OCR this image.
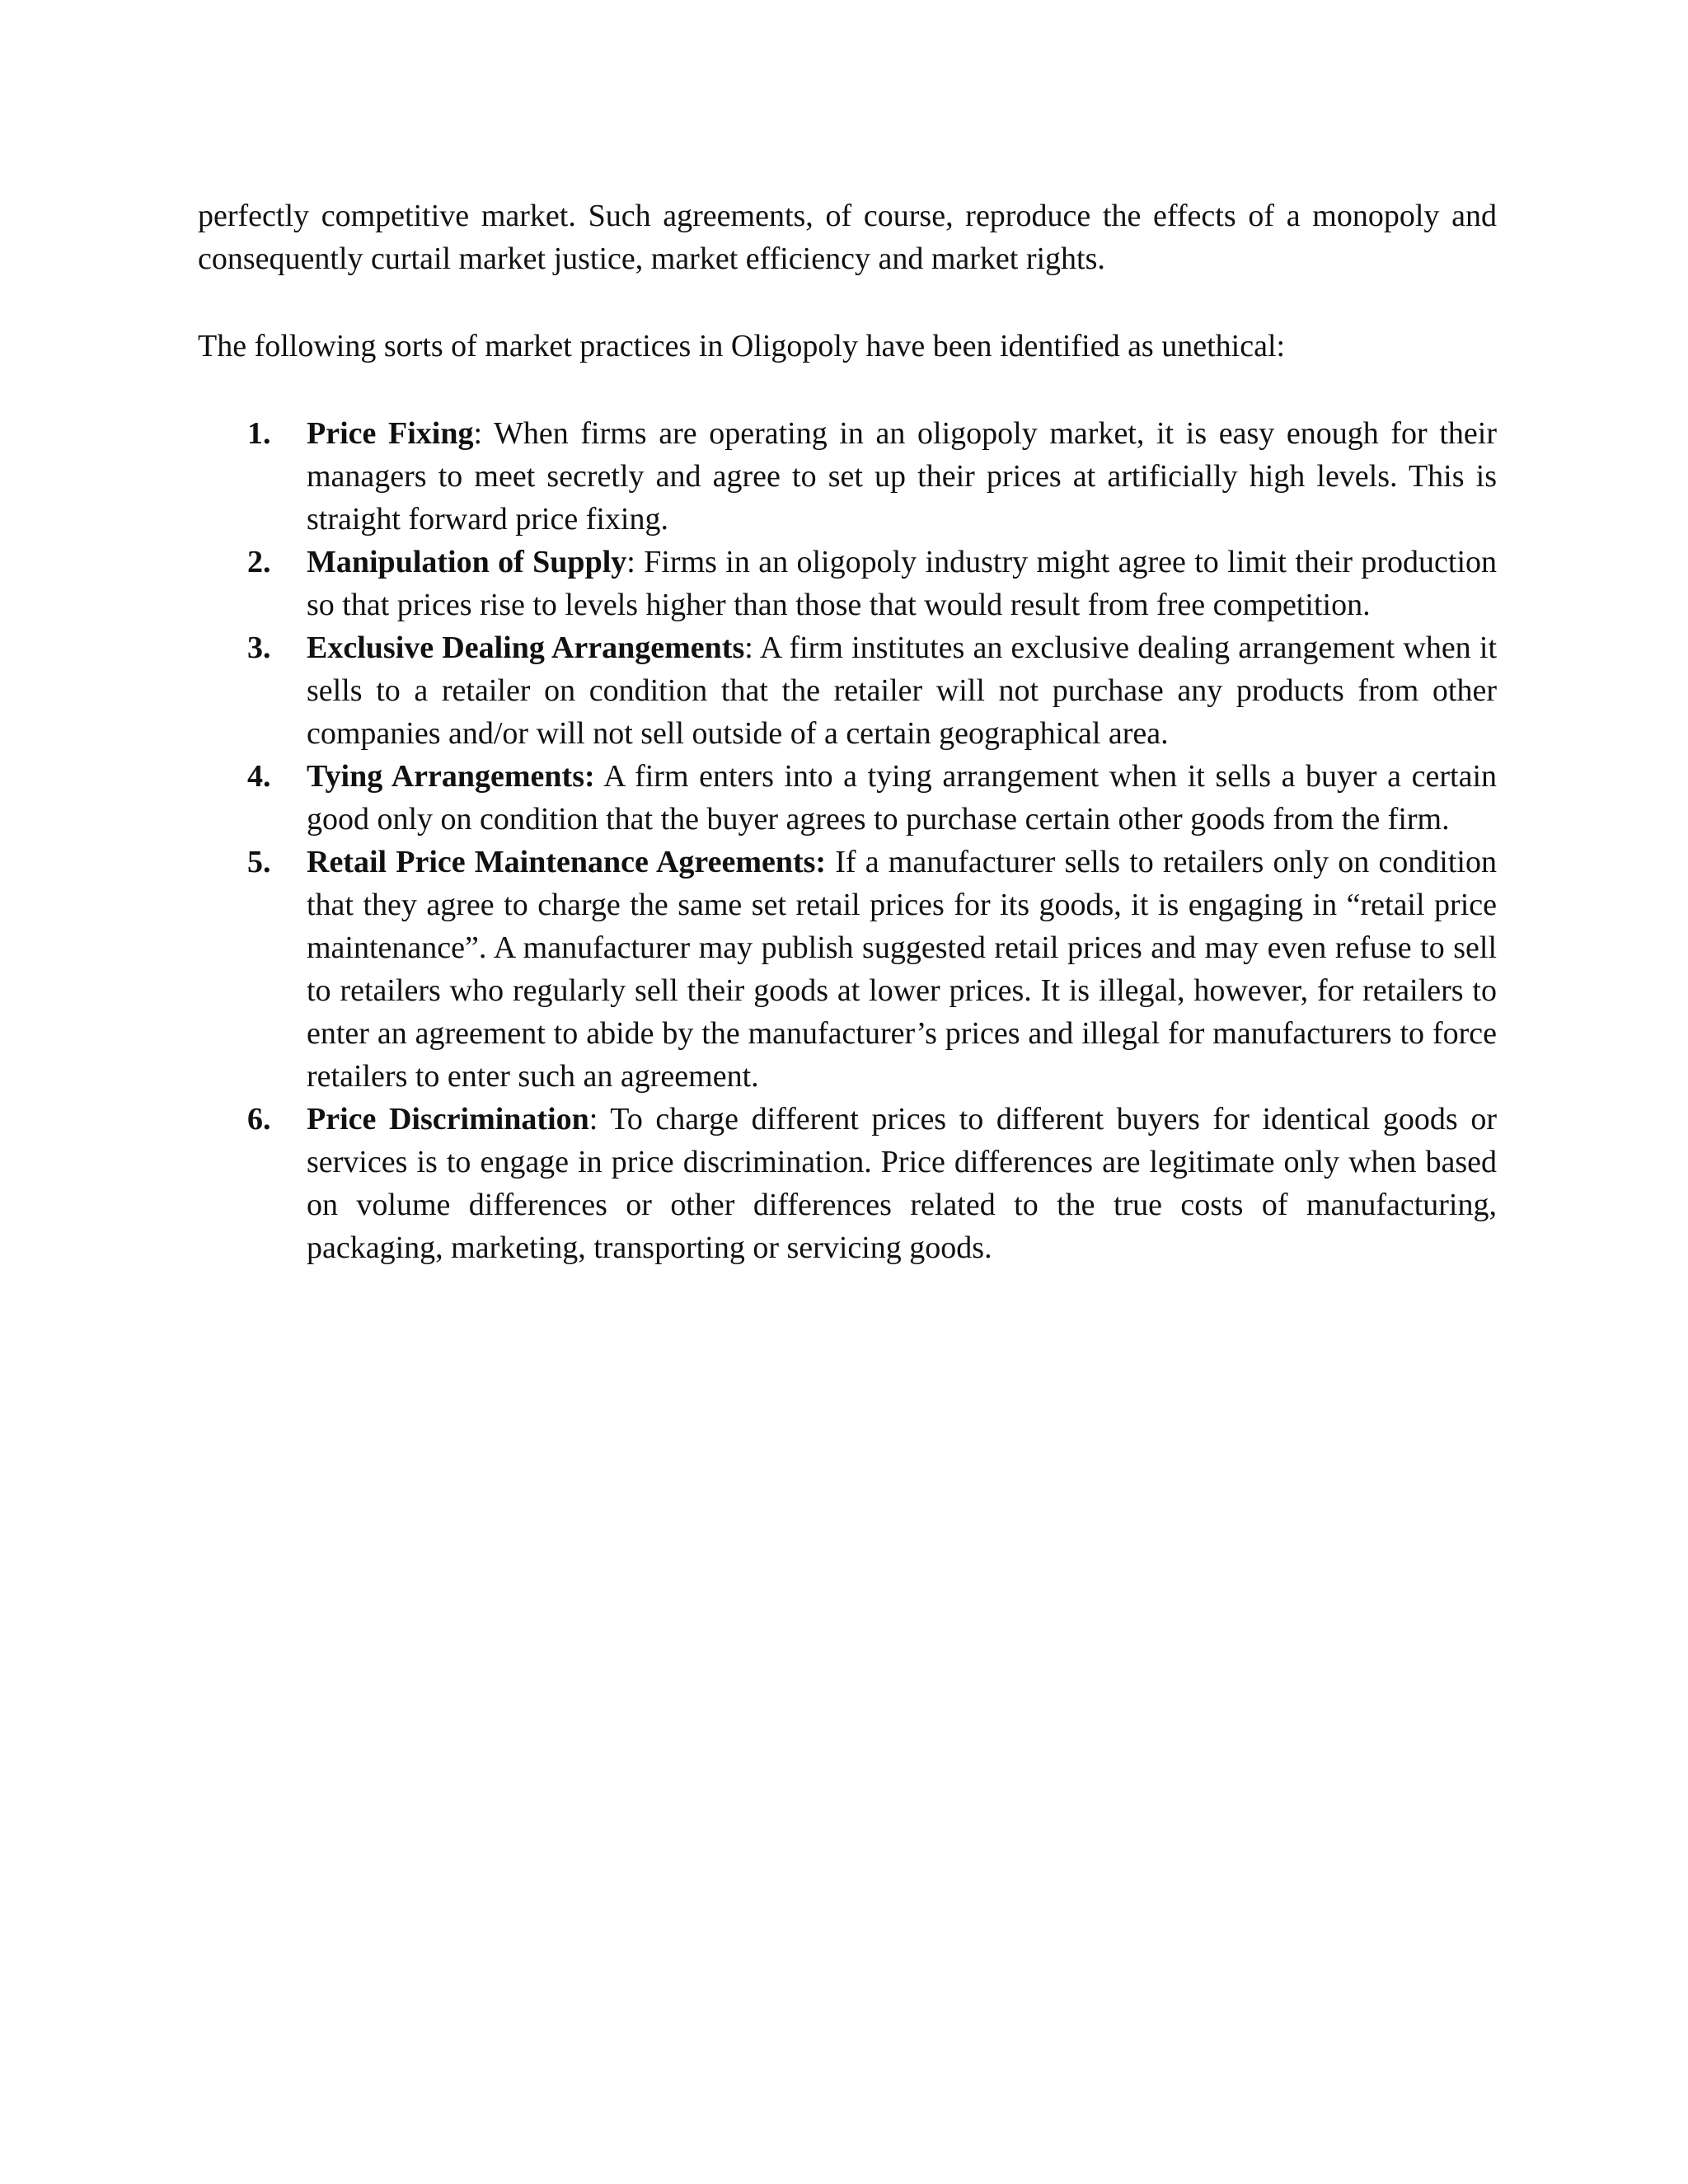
perfectly competitive market. Such agreements, of course, reproduce the effects of a monopoly and consequently curtail market justice, market efficiency and market rights.

The following sorts of market practices in Oligopoly have been identified as unethical:

1. Price Fixing: When firms are operating in an oligopoly market, it is easy enough for their managers to meet secretly and agree to set up their prices at artificially high levels. This is straight forward price fixing.
2. Manipulation of Supply: Firms in an oligopoly industry might agree to limit their production so that prices rise to levels higher than those that would result from free competition.
3. Exclusive Dealing Arrangements: A firm institutes an exclusive dealing arrangement when it sells to a retailer on condition that the retailer will not purchase any products from other companies and/or will not sell outside of a certain geographical area.
4. Tying Arrangements: A firm enters into a tying arrangement when it sells a buyer a certain good only on condition that the buyer agrees to purchase certain other goods from the firm.
5. Retail Price Maintenance Agreements: If a manufacturer sells to retailers only on condition that they agree to charge the same set retail prices for its goods, it is engaging in “retail price maintenance”. A manufacturer may publish suggested retail prices and may even refuse to sell to retailers who regularly sell their goods at lower prices. It is illegal, however, for retailers to enter an agreement to abide by the manufacturer’s prices and illegal for manufacturers to force retailers to enter such an agreement.
6. Price Discrimination: To charge different prices to different buyers for identical goods or services is to engage in price discrimination. Price differences are legitimate only when based on volume differences or other differences related to the true costs of manufacturing, packaging, marketing, transporting or servicing goods.
